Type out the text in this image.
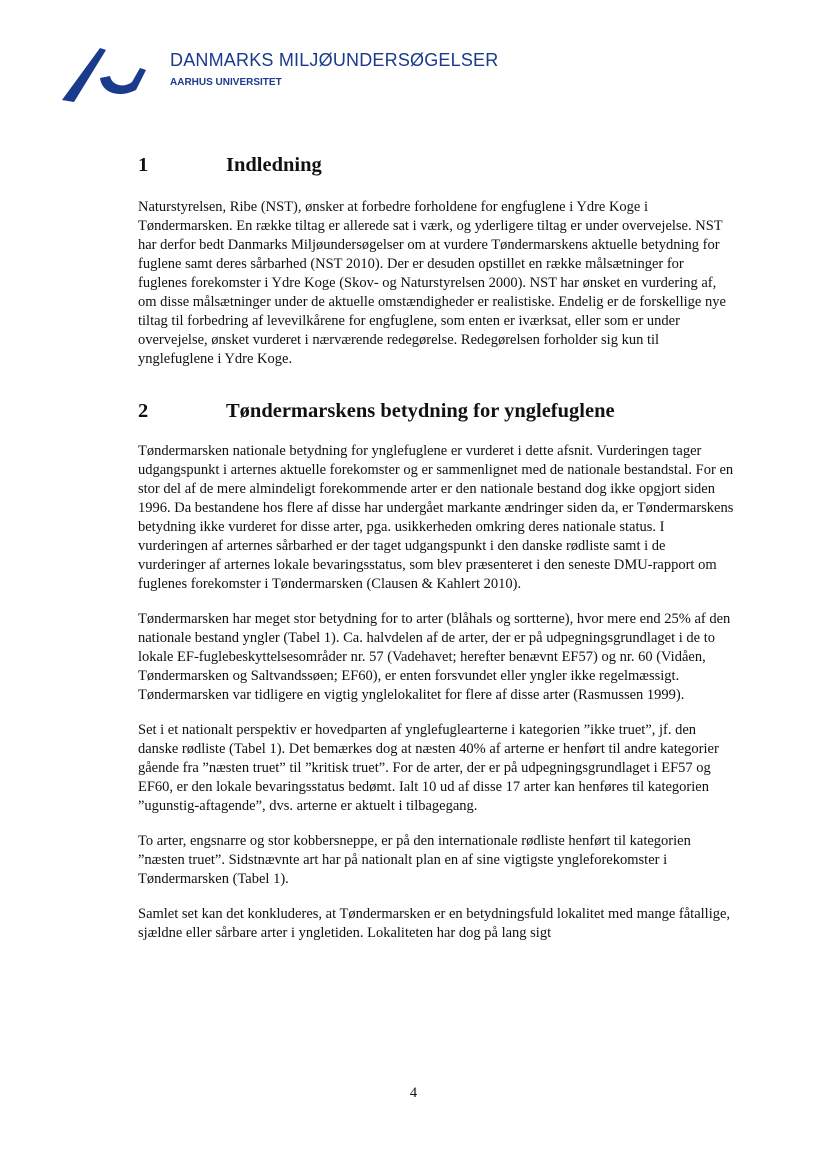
DANMARKS MILJØUNDERSØGELSER
AARHUS UNIVERSITET
1	Indledning

Naturstyrelsen, Ribe (NST), ønsker at forbedre forholdene for engfuglene i Ydre Koge i Tøndermarsken. En række tiltag er allerede sat i værk, og yderligere tiltag er under overvejelse. NST har derfor bedt Danmarks Miljøundersøgelser om at vurdere Tøndermarskens aktuelle betydning for fuglene samt deres sårbarhed (NST 2010). Der er desuden opstillet en række målsætninger for fuglenes forekomster i Ydre Koge (Skov- og Naturstyrelsen 2000). NST har ønsket en vurdering af, om disse målsætninger under de aktuelle omstændigheder er realistiske. Endelig er de forskellige nye tiltag til forbedring af levevilkårene for engfuglene, som enten er iværksat, eller som er under overvejelse, ønsket vurderet i nærværende redegørelse. Redegørelsen forholder sig kun til ynglefuglene i Ydre Koge.

2	Tøndermarskens betydning for ynglefuglene

Tøndermarsken nationale betydning for ynglefuglene er vurderet i dette afsnit. Vurderingen tager udgangspunkt i arternes aktuelle forekomster og er sammenlignet med de nationale bestandstal. For en stor del af de mere almindeligt forekommende arter er den nationale bestand dog ikke opgjort siden 1996. Da bestandene hos flere af disse har undergået markante ændringer siden da, er Tøndermarskens betydning ikke vurderet for disse arter, pga. usikkerheden omkring deres nationale status. I vurderingen af arternes sårbarhed er der taget udgangspunkt i den danske rødliste samt i de vurderinger af arternes lokale bevaringsstatus, som blev præsenteret i den seneste DMU-rapport om fuglenes forekomster i Tøndermarsken (Clausen & Kahlert 2010).

Tøndermarsken har meget stor betydning for to arter (blåhals og sortterne), hvor mere end 25% af den nationale bestand yngler (Tabel 1). Ca. halvdelen af de arter, der er på udpegningsgrundlaget i de to lokale EF-fuglebeskyttelsesområder nr. 57 (Vadehavet; herefter benævnt EF57) og nr. 60 (Vidåen, Tøndermarsken og Saltvandssøen; EF60), er enten forsvundet eller yngler ikke regelmæssigt. Tøndermarsken var tidligere en vigtig ynglelokalitet for flere af disse arter (Rasmussen 1999).

Set i et nationalt perspektiv er hovedparten af ynglefuglearterne i kategorien ”ikke truet”, jf. den danske rødliste (Tabel 1). Det bemærkes dog at næsten 40% af arterne er henført til andre kategorier gående fra ”næsten truet” til ”kritisk truet”. For de arter, der er på udpegningsgrundlaget i EF57 og EF60, er den lokale bevaringsstatus bedømt. Ialt 10 ud af disse 17 arter kan henføres til kategorien ”ugunstig-aftagende”, dvs. arterne er aktuelt i tilbagegang.

To arter, engsnarre og stor kobbersneppe, er på den internationale rødliste henført til kategorien ”næsten truet”. Sidstnævnte art har på nationalt plan en af sine vigtigste yngleforekomster i Tøndermarsken (Tabel 1).

Samlet set kan det konkluderes, at Tøndermarsken er en betydningsfuld lokalitet med mange fåtallige, sjældne eller sårbare arter i yngletiden. Lokaliteten har dog på lang sigt

4
